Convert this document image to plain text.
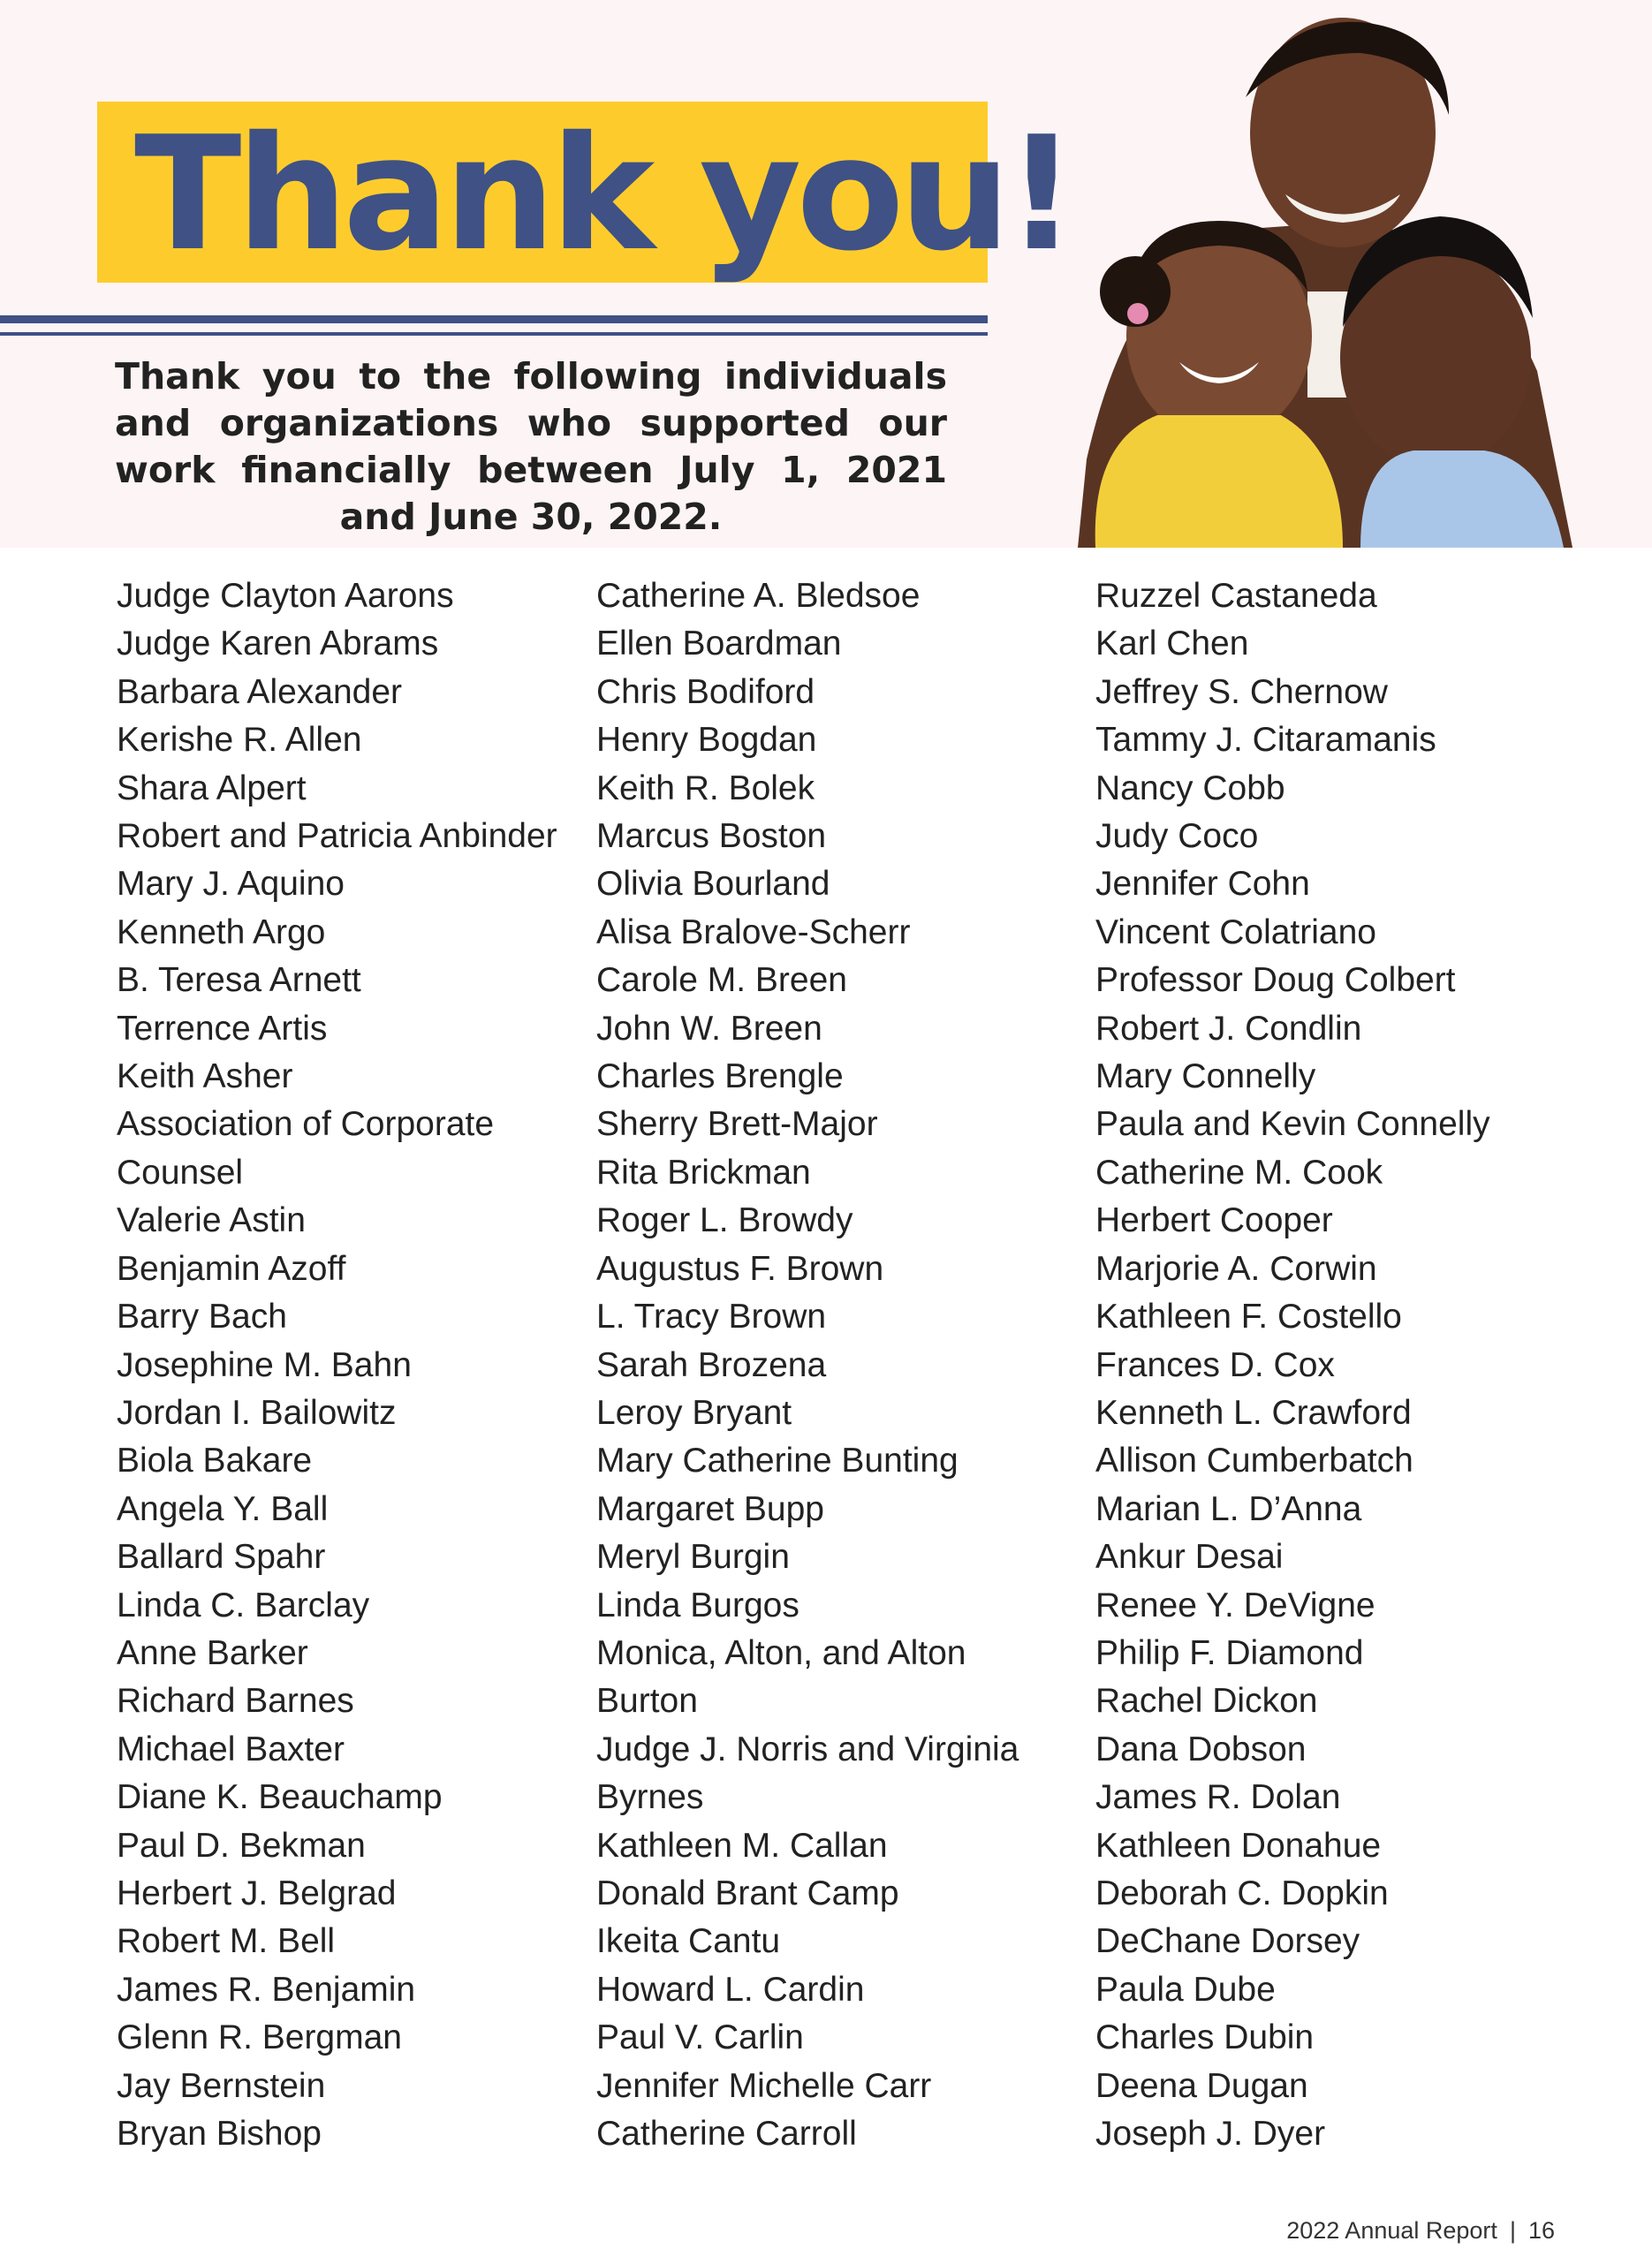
Thank you!
Thank you to the following individuals and organizations who supported our work financially between July 1, 2021 and June 30, 2022.
Judge Clayton Aarons
Judge Karen Abrams
Barbara Alexander
Kerishe R. Allen
Shara Alpert
Robert and Patricia Anbinder
Mary J. Aquino
Kenneth Argo
B. Teresa Arnett
Terrence Artis
Keith Asher
Association of Corporate
Counsel
Valerie Astin
Benjamin Azoff
Barry Bach
Josephine M. Bahn
Jordan I. Bailowitz
Biola Bakare
Angela Y. Ball
Ballard Spahr
Linda C. Barclay
Anne Barker
Richard Barnes
Michael Baxter
Diane K. Beauchamp
Paul D. Bekman
Herbert J. Belgrad
Robert M. Bell
James R. Benjamin
Glenn R. Bergman
Jay Bernstein
Bryan Bishop
Catherine A. Bledsoe
Ellen Boardman
Chris Bodiford
Henry Bogdan
Keith R. Bolek
Marcus Boston
Olivia Bourland
Alisa Bralove-Scherr
Carole M. Breen
John W. Breen
Charles Brengle
Sherry Brett-Major
Rita Brickman
Roger L. Browdy
Augustus F. Brown
L. Tracy Brown
Sarah Brozena
Leroy Bryant
Mary Catherine Bunting
Margaret Bupp
Meryl Burgin
Linda Burgos
Monica, Alton, and Alton
Burton
Judge J. Norris and Virginia
Byrnes
Kathleen M. Callan
Donald Brant Camp
Ikeita Cantu
Howard L. Cardin
Paul V. Carlin
Jennifer Michelle Carr
Catherine Carroll
Ruzzel Castaneda
Karl Chen
Jeffrey S. Chernow
Tammy J. Citaramanis
Nancy Cobb
Judy Coco
Jennifer Cohn
Vincent Colatriano
Professor Doug Colbert
Robert J. Condlin
Mary Connelly
Paula and Kevin Connelly
Catherine M. Cook
Herbert Cooper
Marjorie A. Corwin
Kathleen F. Costello
Frances D. Cox
Kenneth L. Crawford
Allison Cumberbatch
Marian L. D’Anna
Ankur Desai
Renee Y. DeVigne
Philip F. Diamond
Rachel Dickon
Dana Dobson
James R. Dolan
Kathleen Donahue
Deborah C. Dopkin
DeChane Dorsey
Paula Dube
Charles Dubin
Deena Dugan
Joseph J. Dyer
2022 Annual Report | 16
